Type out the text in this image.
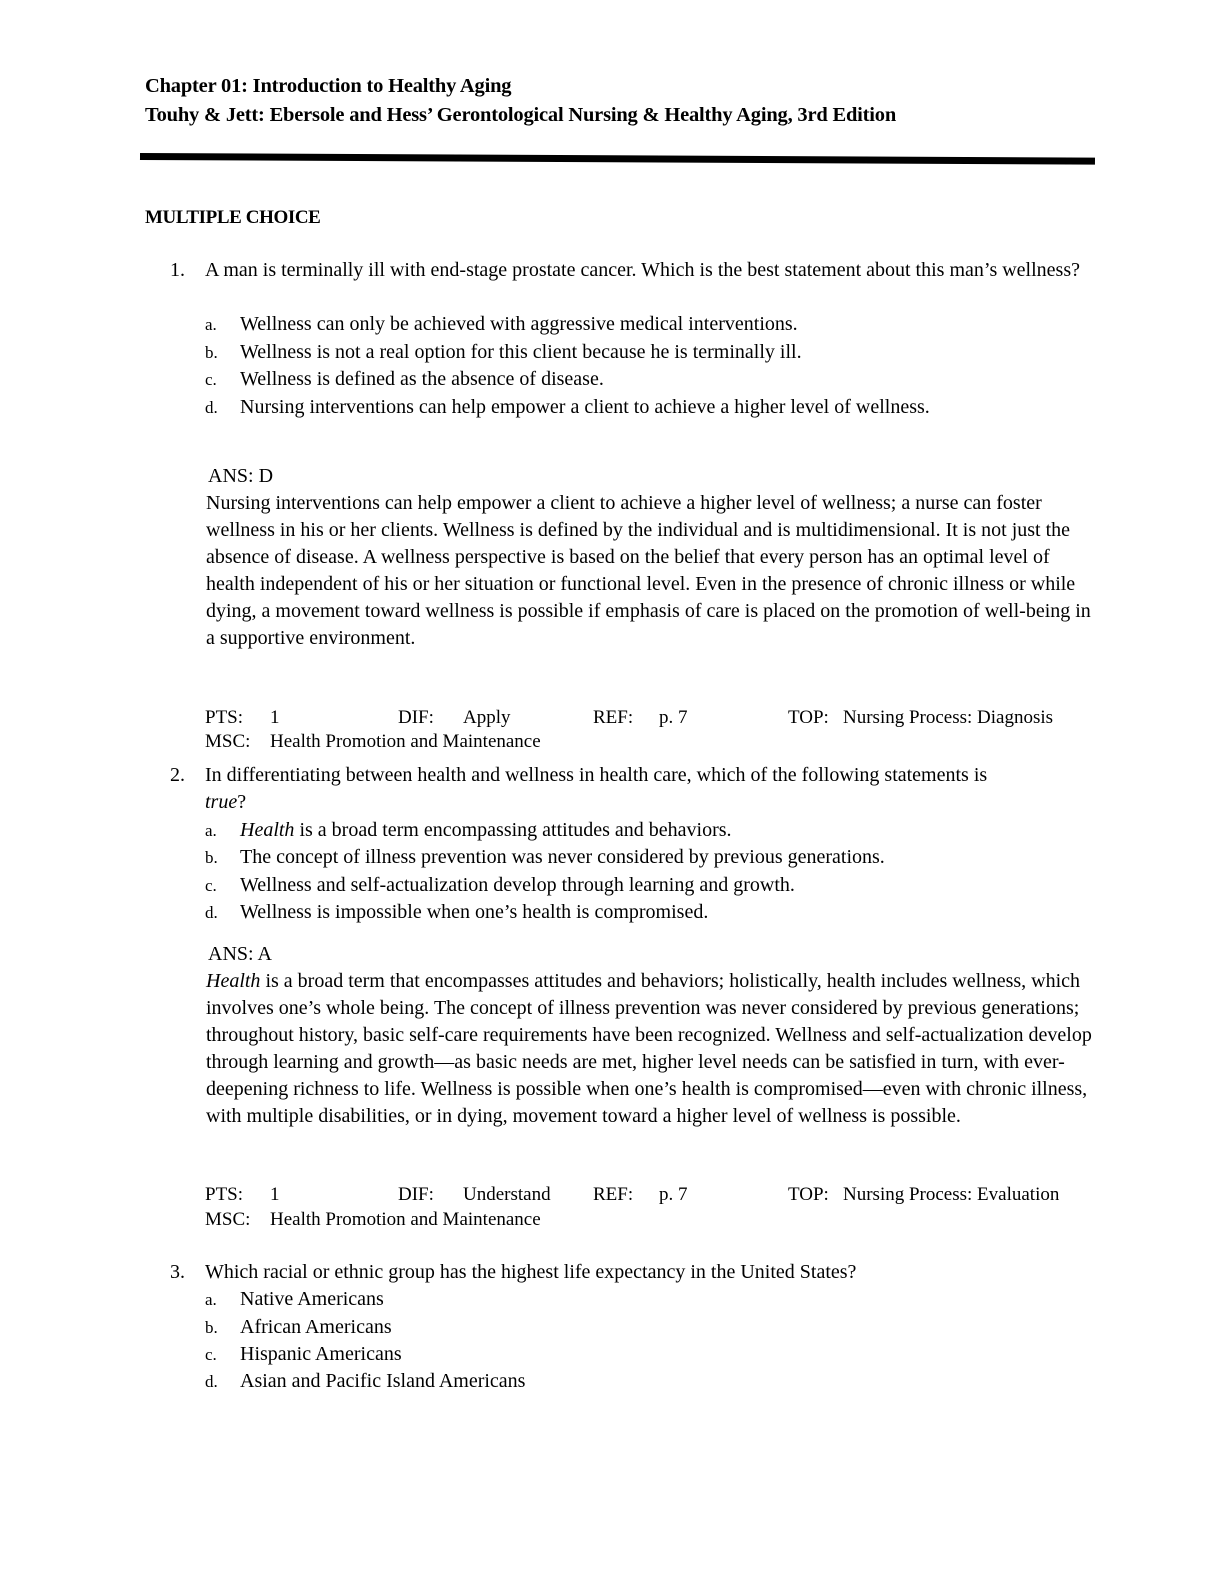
Chapter 01: Introduction to Healthy Aging
Touhy & Jett: Ebersole and Hess’ Gerontological Nursing & Healthy Aging, 3rd Edition
MULTIPLE CHOICE
1. A man is terminally ill with end-stage prostate cancer. Which is the best statement about this man’s wellness?
a.	Wellness can only be achieved with aggressive medical interventions.
b.	Wellness is not a real option for this client because he is terminally ill.
c.	Wellness is defined as the absence of disease.
d.	Nursing interventions can help empower a client to achieve a higher level of wellness.
ANS: D
Nursing interventions can help empower a client to achieve a higher level of wellness; a nurse can foster wellness in his or her clients. Wellness is defined by the individual and is multidimensional. It is not just the absence of disease. A wellness perspective is based on the belief that every person has an optimal level of health independent of his or her situation or functional level. Even in the presence of chronic illness or while dying, a movement toward wellness is possible if emphasis of care is placed on the promotion of well-being in a supportive environment.
PTS: 1	DIF: Apply	REF: p. 7	TOP: Nursing Process: Diagnosis
MSC: Health Promotion and Maintenance
2. In differentiating between health and wellness in health care, which of the following statements is true?
a.	Health is a broad term encompassing attitudes and behaviors.
b.	The concept of illness prevention was never considered by previous generations.
c.	Wellness and self-actualization develop through learning and growth.
d.	Wellness is impossible when one’s health is compromised.
ANS: A
Health is a broad term that encompasses attitudes and behaviors; holistically, health includes wellness, which involves one’s whole being. The concept of illness prevention was never considered by previous generations; throughout history, basic self-care requirements have been recognized. Wellness and self-actualization develop through learning and growth—as basic needs are met, higher level needs can be satisfied in turn, with ever-deepening richness to life. Wellness is possible when one’s health is compromised—even with chronic illness, with multiple disabilities, or in dying, movement toward a higher level of wellness is possible.
PTS: 1	DIF: Understand REF: p. 7	TOP: Nursing Process: Evaluation
MSC: Health Promotion and Maintenance
3. Which racial or ethnic group has the highest life expectancy in the United States?
a.	Native Americans
b.	African Americans
c.	Hispanic Americans
d.	Asian and Pacific Island Americans
